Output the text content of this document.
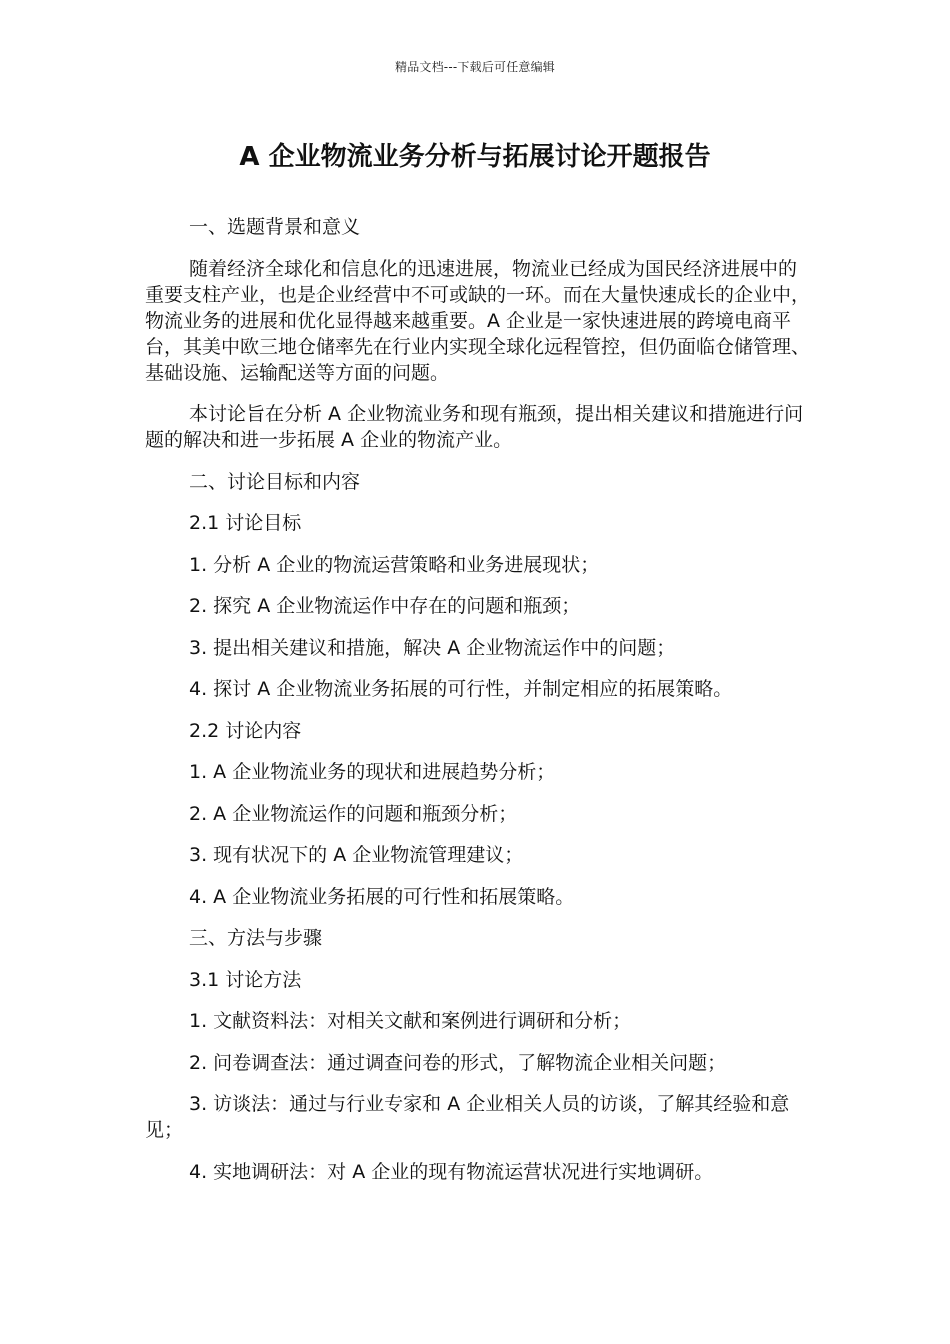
精品文档---下载后可任意编辑
A 企业物流业务分析与拓展讨论开题报告

一、选题背景和意义

随着经济全球化和信息化的迅速进展，物流业已经成为国民经济进展中的重要支柱产业，也是企业经营中不可或缺的一环。而在大量快速成长的企业中，物流业务的进展和优化显得越来越重要。A 企业是一家快速进展的跨境电商平台，其美中欧三地仓储率先在行业内实现全球化远程管控，但仍面临仓储管理、基础设施、运输配送等方面的问题。

本讨论旨在分析 A 企业物流业务和现有瓶颈，提出相关建议和措施进行问题的解决和进一步拓展 A 企业的物流产业。

二、讨论目标和内容

2.1 讨论目标

1. 分析 A 企业的物流运营策略和业务进展现状；

2. 探究 A 企业物流运作中存在的问题和瓶颈；

3. 提出相关建议和措施，解决 A 企业物流运作中的问题；

4. 探讨 A 企业物流业务拓展的可行性，并制定相应的拓展策略。

2.2 讨论内容

1. A 企业物流业务的现状和进展趋势分析；

2. A 企业物流运作的问题和瓶颈分析；

3. 现有状况下的 A 企业物流管理建议；

4. A 企业物流业务拓展的可行性和拓展策略。

三、方法与步骤

3.1 讨论方法

1. 文献资料法：对相关文献和案例进行调研和分析；

2. 问卷调查法：通过调查问卷的形式，了解物流企业相关问题；

3. 访谈法：通过与行业专家和 A 企业相关人员的访谈，了解其经验和意见；

4. 实地调研法：对 A 企业的现有物流运营状况进行实地调研。
